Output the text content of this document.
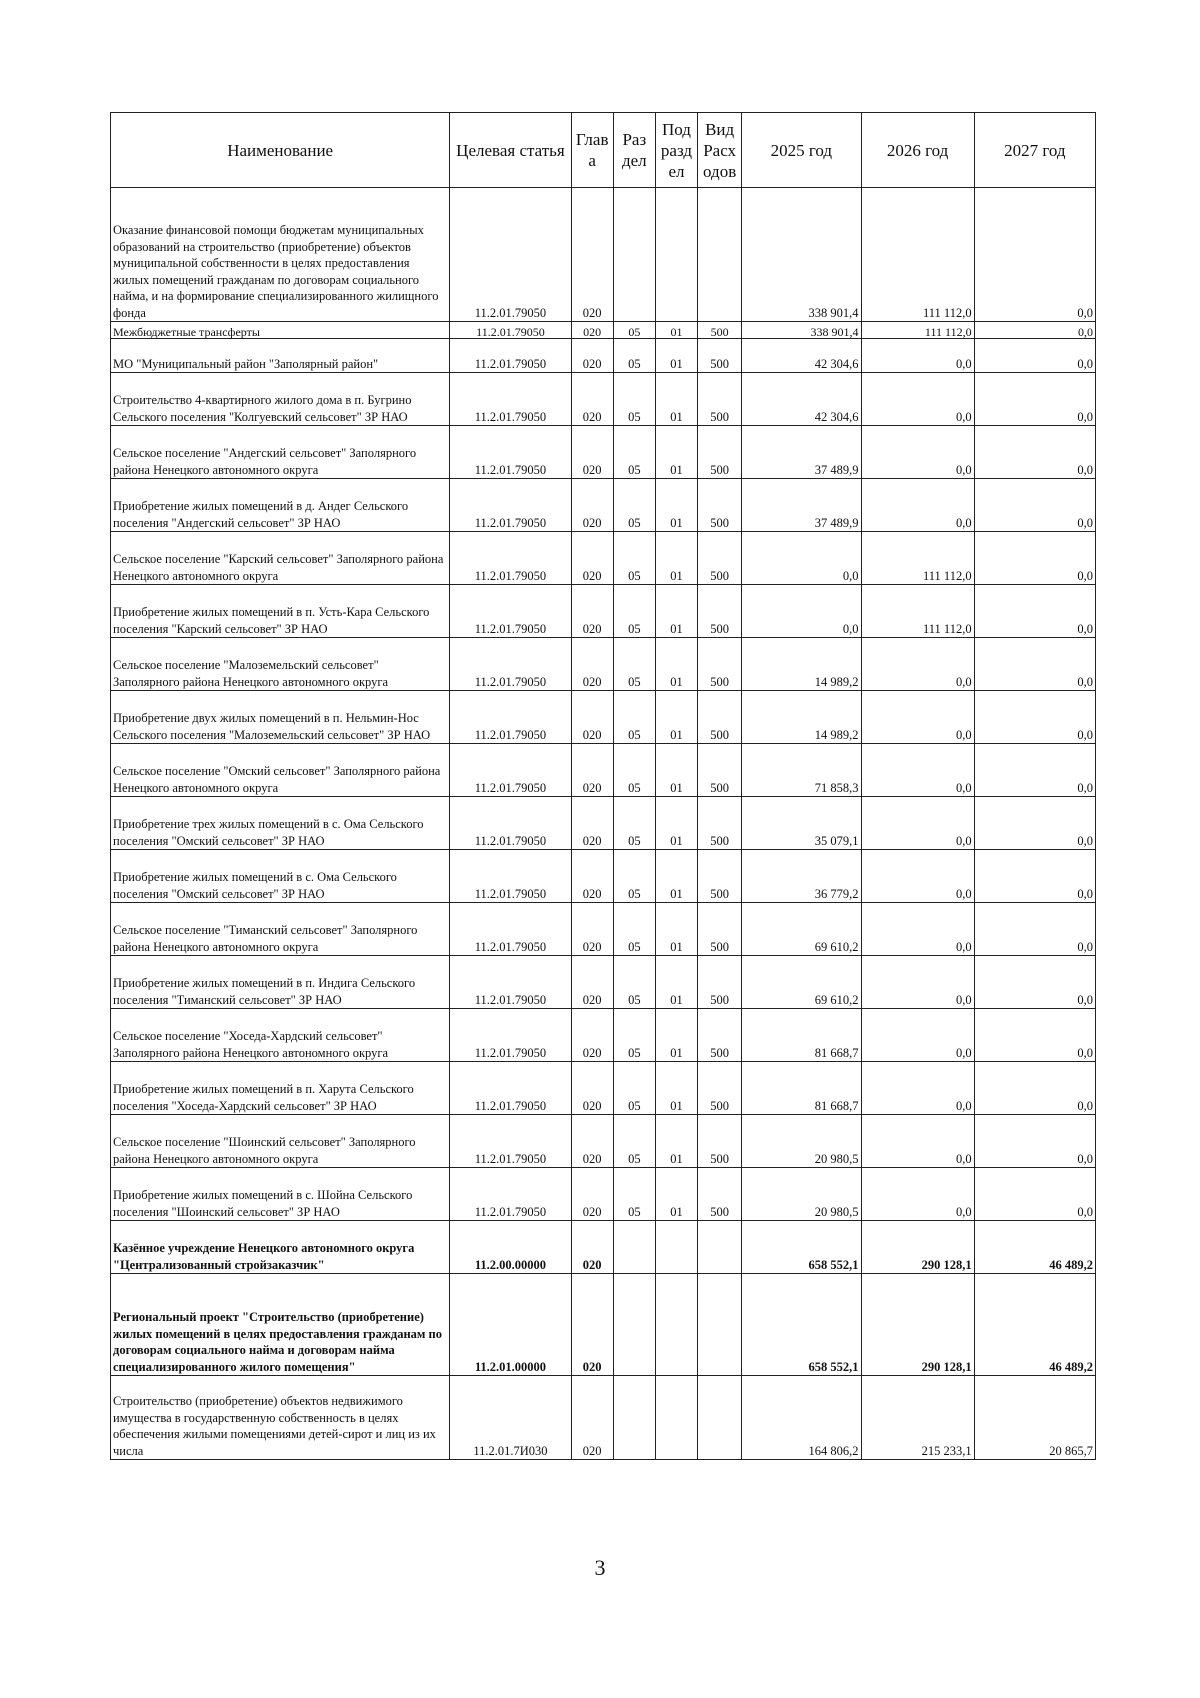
Наименование	Целевая статья	Глав а	Раз дел	Под разд ел	Вид Расх одов	2025 год	2026 год	2027 год
Оказание финансовой помощи бюджетам муниципальных образований на строительство (приобретение) объектов муниципальной собственности в целях предоставления жилых помещений гражданам по договорам социального найма, и на формирование специализированного жилищного фонда	11.2.01.79050	020				338 901,4	111 112,0	0,0
Межбюджетные трансферты	11.2.01.79050	020	05	01	500	338 901,4	111 112,0	0,0
МО "Муниципальный район "Заполярный район"	11.2.01.79050	020	05	01	500	42 304,6	0,0	0,0
Строительство 4-квартирного жилого дома в п. Бугрино Сельского поселения "Колгуевский сельсовет" ЗР НАО	11.2.01.79050	020	05	01	500	42 304,6	0,0	0,0
Сельское поселение "Андегский сельсовет" Заполярного района Ненецкого автономного округа	11.2.01.79050	020	05	01	500	37 489,9	0,0	0,0
Приобретение жилых помещений в д. Андег Сельского поселения "Андегский сельсовет" ЗР НАО	11.2.01.79050	020	05	01	500	37 489,9	0,0	0,0
Сельское поселение "Карский сельсовет" Заполярного района Ненецкого автономного округа	11.2.01.79050	020	05	01	500	0,0	111 112,0	0,0
Приобретение жилых помещений в п. Усть-Кара Сельского поселения "Карский сельсовет" ЗР НАО	11.2.01.79050	020	05	01	500	0,0	111 112,0	0,0
Сельское поселение "Малоземельский сельсовет" Заполярного района Ненецкого автономного округа	11.2.01.79050	020	05	01	500	14 989,2	0,0	0,0
Приобретение двух жилых помещений в п. Нельмин-Нос Сельского поселения "Малоземельский сельсовет" ЗР НАО	11.2.01.79050	020	05	01	500	14 989,2	0,0	0,0
Сельское поселение "Омский сельсовет" Заполярного района Ненецкого автономного округа	11.2.01.79050	020	05	01	500	71 858,3	0,0	0,0
Приобретение трех жилых помещений в с. Ома Сельского поселения "Омский сельсовет" ЗР НАО	11.2.01.79050	020	05	01	500	35 079,1	0,0	0,0
Приобретение жилых помещений в с. Ома Сельского поселения "Омский сельсовет" ЗР НАО	11.2.01.79050	020	05	01	500	36 779,2	0,0	0,0
Сельское поселение "Тиманский сельсовет" Заполярного района Ненецкого автономного округа	11.2.01.79050	020	05	01	500	69 610,2	0,0	0,0
Приобретение жилых помещений в п. Индига Сельского поселения "Тиманский сельсовет" ЗР НАО	11.2.01.79050	020	05	01	500	69 610,2	0,0	0,0
Сельское поселение "Хоседа-Хардский сельсовет" Заполярного района Ненецкого автономного округа	11.2.01.79050	020	05	01	500	81 668,7	0,0	0,0
Приобретение жилых помещений в п. Харута Сельского поселения "Хоседа-Хардский сельсовет" ЗР НАО	11.2.01.79050	020	05	01	500	81 668,7	0,0	0,0
Сельское поселение "Шоинский сельсовет" Заполярного района Ненецкого автономного округа	11.2.01.79050	020	05	01	500	20 980,5	0,0	0,0
Приобретение жилых помещений в с. Шойна Сельского поселения "Шоинский сельсовет" ЗР НАО	11.2.01.79050	020	05	01	500	20 980,5	0,0	0,0
Казённое учреждение Ненецкого автономного округа "Централизованный стройзаказчик"	11.2.00.00000	020				658 552,1	290 128,1	46 489,2
Региональный проект "Строительство (приобретение) жилых помещений в целях предоставления гражданам по договорам социального найма и договорам найма специализированного жилого помещения"	11.2.01.00000	020				658 552,1	290 128,1	46 489,2
Строительство (приобретение) объектов недвижимого имущества в государственную собственность в целях обеспечения жилыми помещениями детей-сирот и лиц из их числа	11.2.01.7И030	020				164 806,2	215 233,1	20 865,7
3
